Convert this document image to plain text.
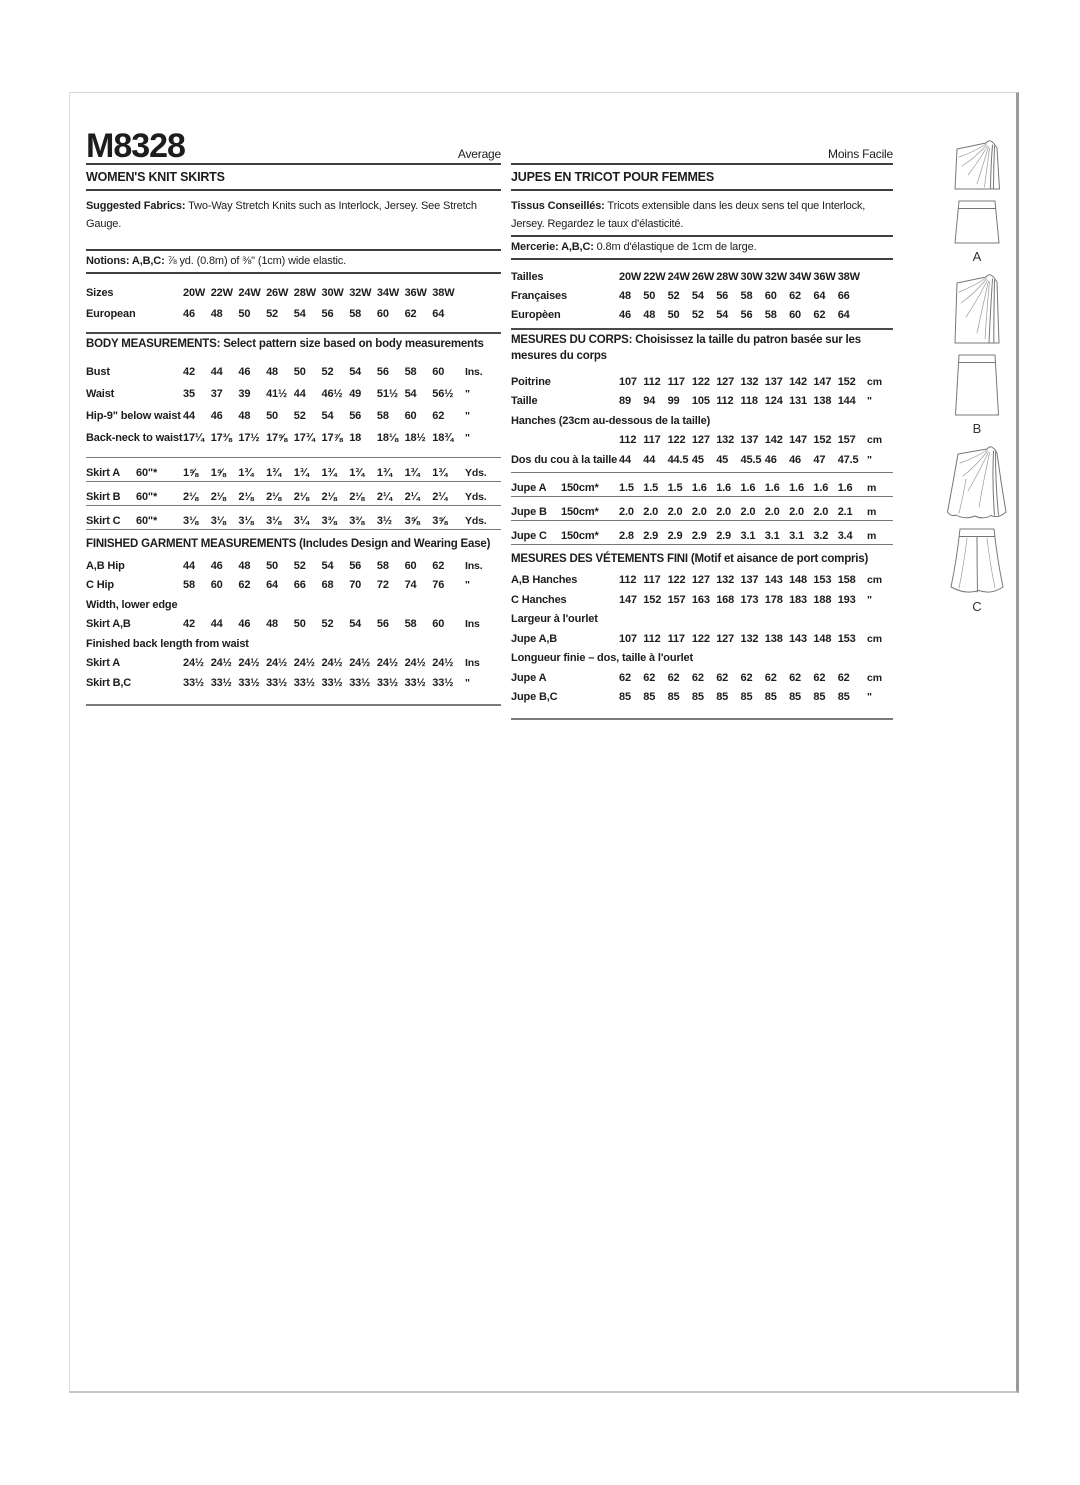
M8328	Average
WOMEN'S KNIT SKIRTS

Suggested Fabrics: Two-Way Stretch Knits such as Interlock, Jersey. See Stretch Gauge.

Notions: A,B,C: ⅞ yd. (0.8m) of ⅜" (1cm) wide elastic.
Sizes	20W 22W 24W 26W 28W 30W 32W 34W 36W 38W
European	46	48	50	52	54	56	58	60	62	64
BODY MEASUREMENTS: Select pattern size based on body measurements
Bust	42	44	46	48	50	52	54	56	58	60	Ins.
Waist	35	37	39	41½ 44	46½ 49	51½ 54	56½	"
Hip-9" below waist 44	46	48	50	52	54	56	58	60	62	"
Back-neck to waist 17¼ 17⅜ 17½ 17⅝ 17¾ 17⅞ 18	18⅛ 18½ 18¾	"
Skirt A	60"*	1⅝	1⅝	1¾	1¾	1¾	1¾	1¾	1¾	1¾	1¾	Yds.
Skirt B	60"*	2⅛	2⅛	2⅛	2⅛	2⅛	2⅛	2⅛	2¼	2¼	2¼	Yds.
Skirt C	60"*	3⅛	3⅛	3⅛	3⅛	3¼	3⅜	3⅜	3½	3⅝	3⅝	Yds.
FINISHED GARMENT MEASUREMENTS (Includes Design and Wearing Ease)
A,B Hip	44	46	48	50	52	54	56	58	60	62	Ins.
C Hip	58	60	62	64	66	68	70	72	74	76	"
Width, lower edge
Skirt A,B	42	44	46	48	50	52	54	56	58	60	Ins
Finished back length from waist
Skirt A	24½ 24½ 24½ 24½ 24½ 24½ 24½ 24½ 24½ 24½	Ins
Skirt B,C	33½ 33½ 33½ 33½ 33½ 33½ 33½ 33½ 33½ 33½	"
Moins Facile
JUPES EN TRICOT POUR FEMMES

Tissus Conseillés: Tricots extensible dans les deux sens tel que Interlock, Jersey. Regardez le taux d'élasticité.

Mercerie: A,B,C: 0.8m d'élastique de 1cm de large.
Tailles	20W 22W 24W 26W 28W 30W 32W 34W 36W 38W
Françaises	48	50	52	54	56	58	60	62	64	66
Europèen	46	48	50	52	54	56	58	60	62	64
MESURES DU CORPS: Choisissez la taille du patron basée sur les mesures du corps
Poitrine	107 112 117 122 127 132 137 142 147 152	cm
Taille	89	94	99	105 112 118 124 131 138 144	"
Hanches (23cm au-dessous de la taille)
112 117 122 127 132 137 142 147 152 157	cm
Dos du cou à la taille 44	44	44.5 45	45	45.5 46	46	47	47.5 "
Jupe A	150cm*	1.5 1.5 1.5 1.6 1.6 1.6 1.6 1.6 1.6 1.6	m
Jupe B	150cm*	2.0 2.0 2.0 2.0 2.0 2.0 2.0 2.0 2.0 2.1	m
Jupe C	150cm*	2.8 2.9 2.9 2.9 2.9 3.1 3.1 3.1 3.2 3.4	m
MESURES DES VÉTEMENTS FINI (Motif et aisance de port compris)
A,B Hanches	112 117 122 127 132 137 143 148 153 158	cm
C Hanches	147 152 157 163 168 173 178 183 188 193	"
Largeur à l'ourlet
Jupe A,B	107 112 117 122 127 132 138 143 148 153	cm
Longueur finie – dos, taille à l'ourlet
Jupe A	62	62	62	62	62	62	62	62	62	62	cm
Jupe B,C	85	85	85	85	85	85	85	85	85	85	"
A
B
C
